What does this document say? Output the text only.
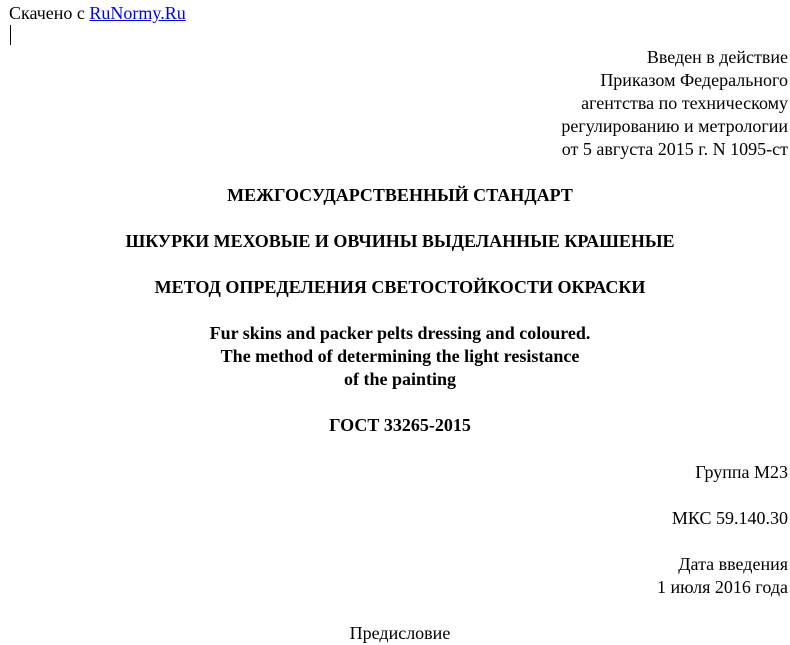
Скачено с RuNormy.Ru
Введен в действие
Приказом Федерального
агентства по техническому
регулированию и метрологии
от 5 августа 2015 г. N 1095-ст
МЕЖГОСУДАРСТВЕННЫЙ СТАНДАРТ
ШКУРКИ МЕХОВЫЕ И ОВЧИНЫ ВЫДЕЛАННЫЕ КРАШЕНЫЕ
МЕТОД ОПРЕДЕЛЕНИЯ СВЕТОСТОЙКОСТИ ОКРАСКИ
Fur skins and packer pelts dressing and coloured.
The method of determining the light resistance
of the painting
ГОСТ 33265-2015
Группа М23
МКС 59.140.30
Дата введения
1 июля 2016 года
Предисловие
